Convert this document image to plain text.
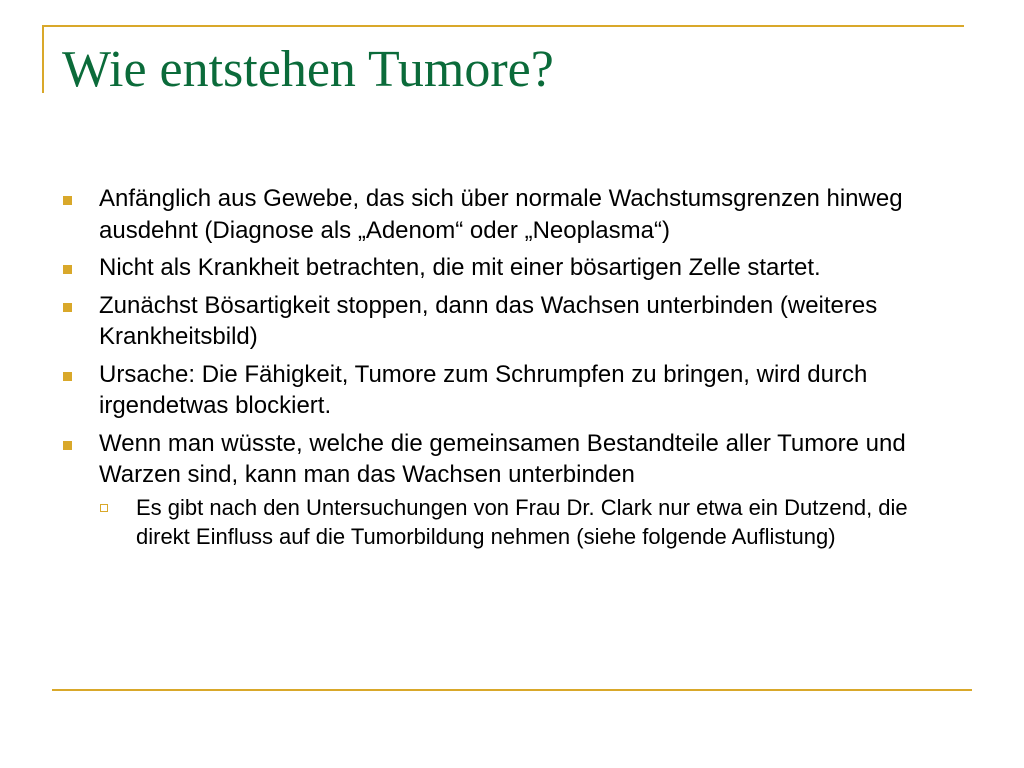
Wie entstehen Tumore?
Anfänglich aus Gewebe, das sich über normale Wachstumsgrenzen hinweg ausdehnt (Diagnose als „Adenom“ oder „Neoplasma“)
Nicht als Krankheit betrachten, die mit einer bösartigen Zelle startet.
Zunächst Bösartigkeit stoppen, dann das Wachsen unterbinden (weiteres Krankheitsbild)
Ursache: Die Fähigkeit, Tumore zum Schrumpfen zu bringen, wird durch irgendetwas blockiert.
Wenn man wüsste, welche die gemeinsamen Bestandteile aller Tumore und Warzen sind, kann man das Wachsen unterbinden
Es gibt nach den Untersuchungen von Frau Dr. Clark nur etwa ein Dutzend, die direkt Einfluss auf die Tumorbildung nehmen (siehe folgende Auflistung)
